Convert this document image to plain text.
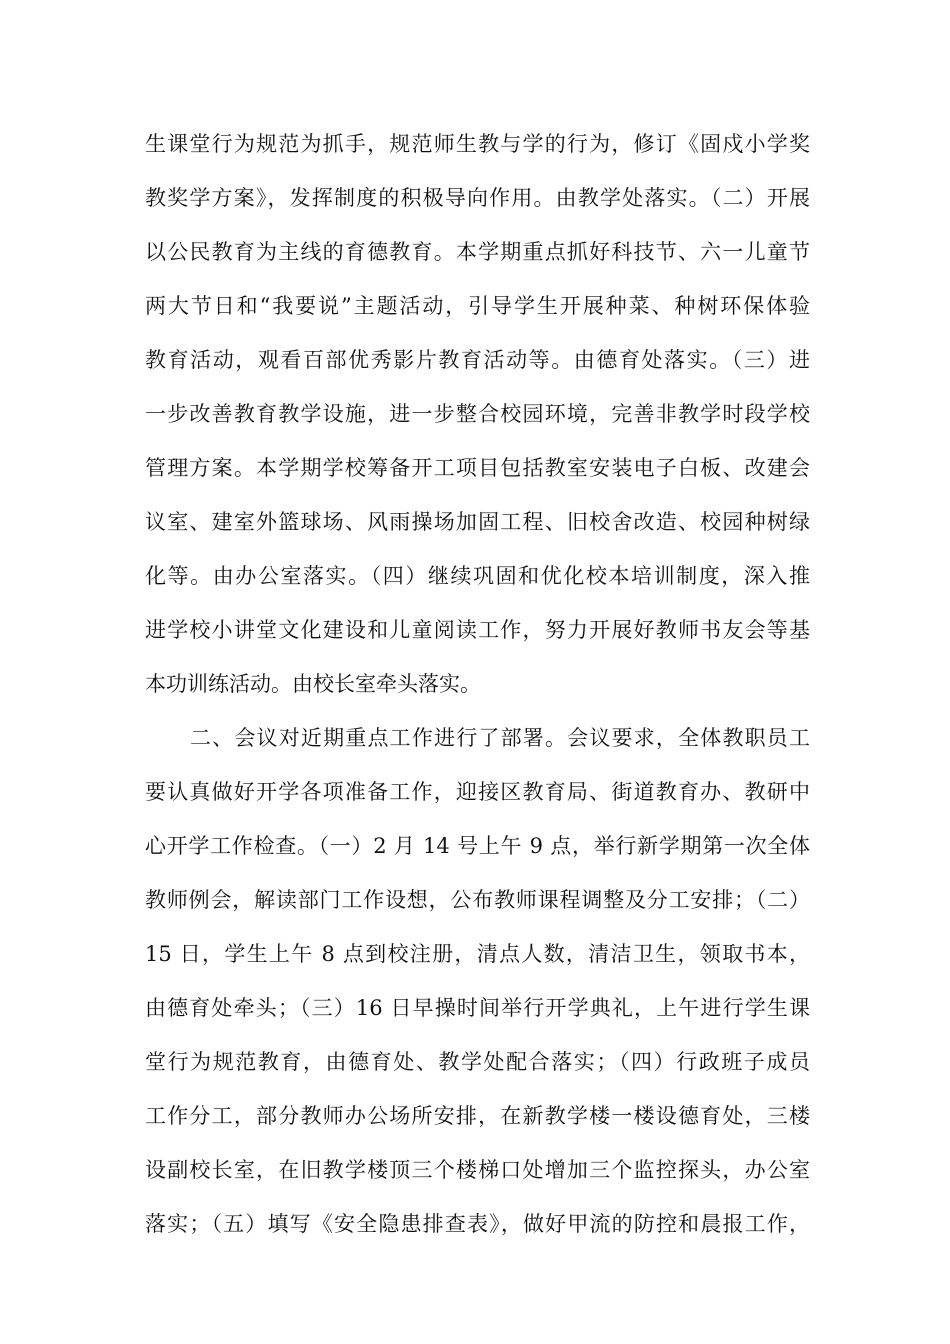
生课堂行为规范为抓手，规范师生教与学的行为，修订《固戍小学奖
教奖学方案》，发挥制度的积极导向作用。由教学处落实。（二）开展
以公民教育为主线的育德教育。本学期重点抓好科技节、六一儿童节
两大节日和“我要说”主题活动，引导学生开展种菜、种树环保体验
教育活动，观看百部优秀影片教育活动等。由德育处落实。（三）进
一步改善教育教学设施，进一步整合校园环境，完善非教学时段学校
管理方案。本学期学校筹备开工项目包括教室安装电子白板、改建会
议室、建室外篮球场、风雨操场加固工程、旧校舍改造、校园种树绿
化等。由办公室落实。（四）继续巩固和优化校本培训制度，深入推
进学校小讲堂文化建设和儿童阅读工作，努力开展好教师书友会等基
本功训练活动。由校长室牵头落实。
二、会议对近期重点工作进行了部署。会议要求，全体教职员工
要认真做好开学各项准备工作，迎接区教育局、街道教育办、教研中
心开学工作检查。（一）2 月 14 号上午 9 点，举行新学期第一次全体
教师例会，解读部门工作设想，公布教师课程调整及分工安排；（二）
15 日，学生上午 8 点到校注册，清点人数，清洁卫生，领取书本，
由德育处牵头；（三）16 日早操时间举行开学典礼，上午进行学生课
堂行为规范教育，由德育处、教学处配合落实；（四）行政班子成员
工作分工，部分教师办公场所安排，在新教学楼一楼设德育处，三楼
设副校长室，在旧教学楼顶三个楼梯口处增加三个监控探头，办公室
落实；（五）填写《安全隐患排查表》，做好甲流的防控和晨报工作，
